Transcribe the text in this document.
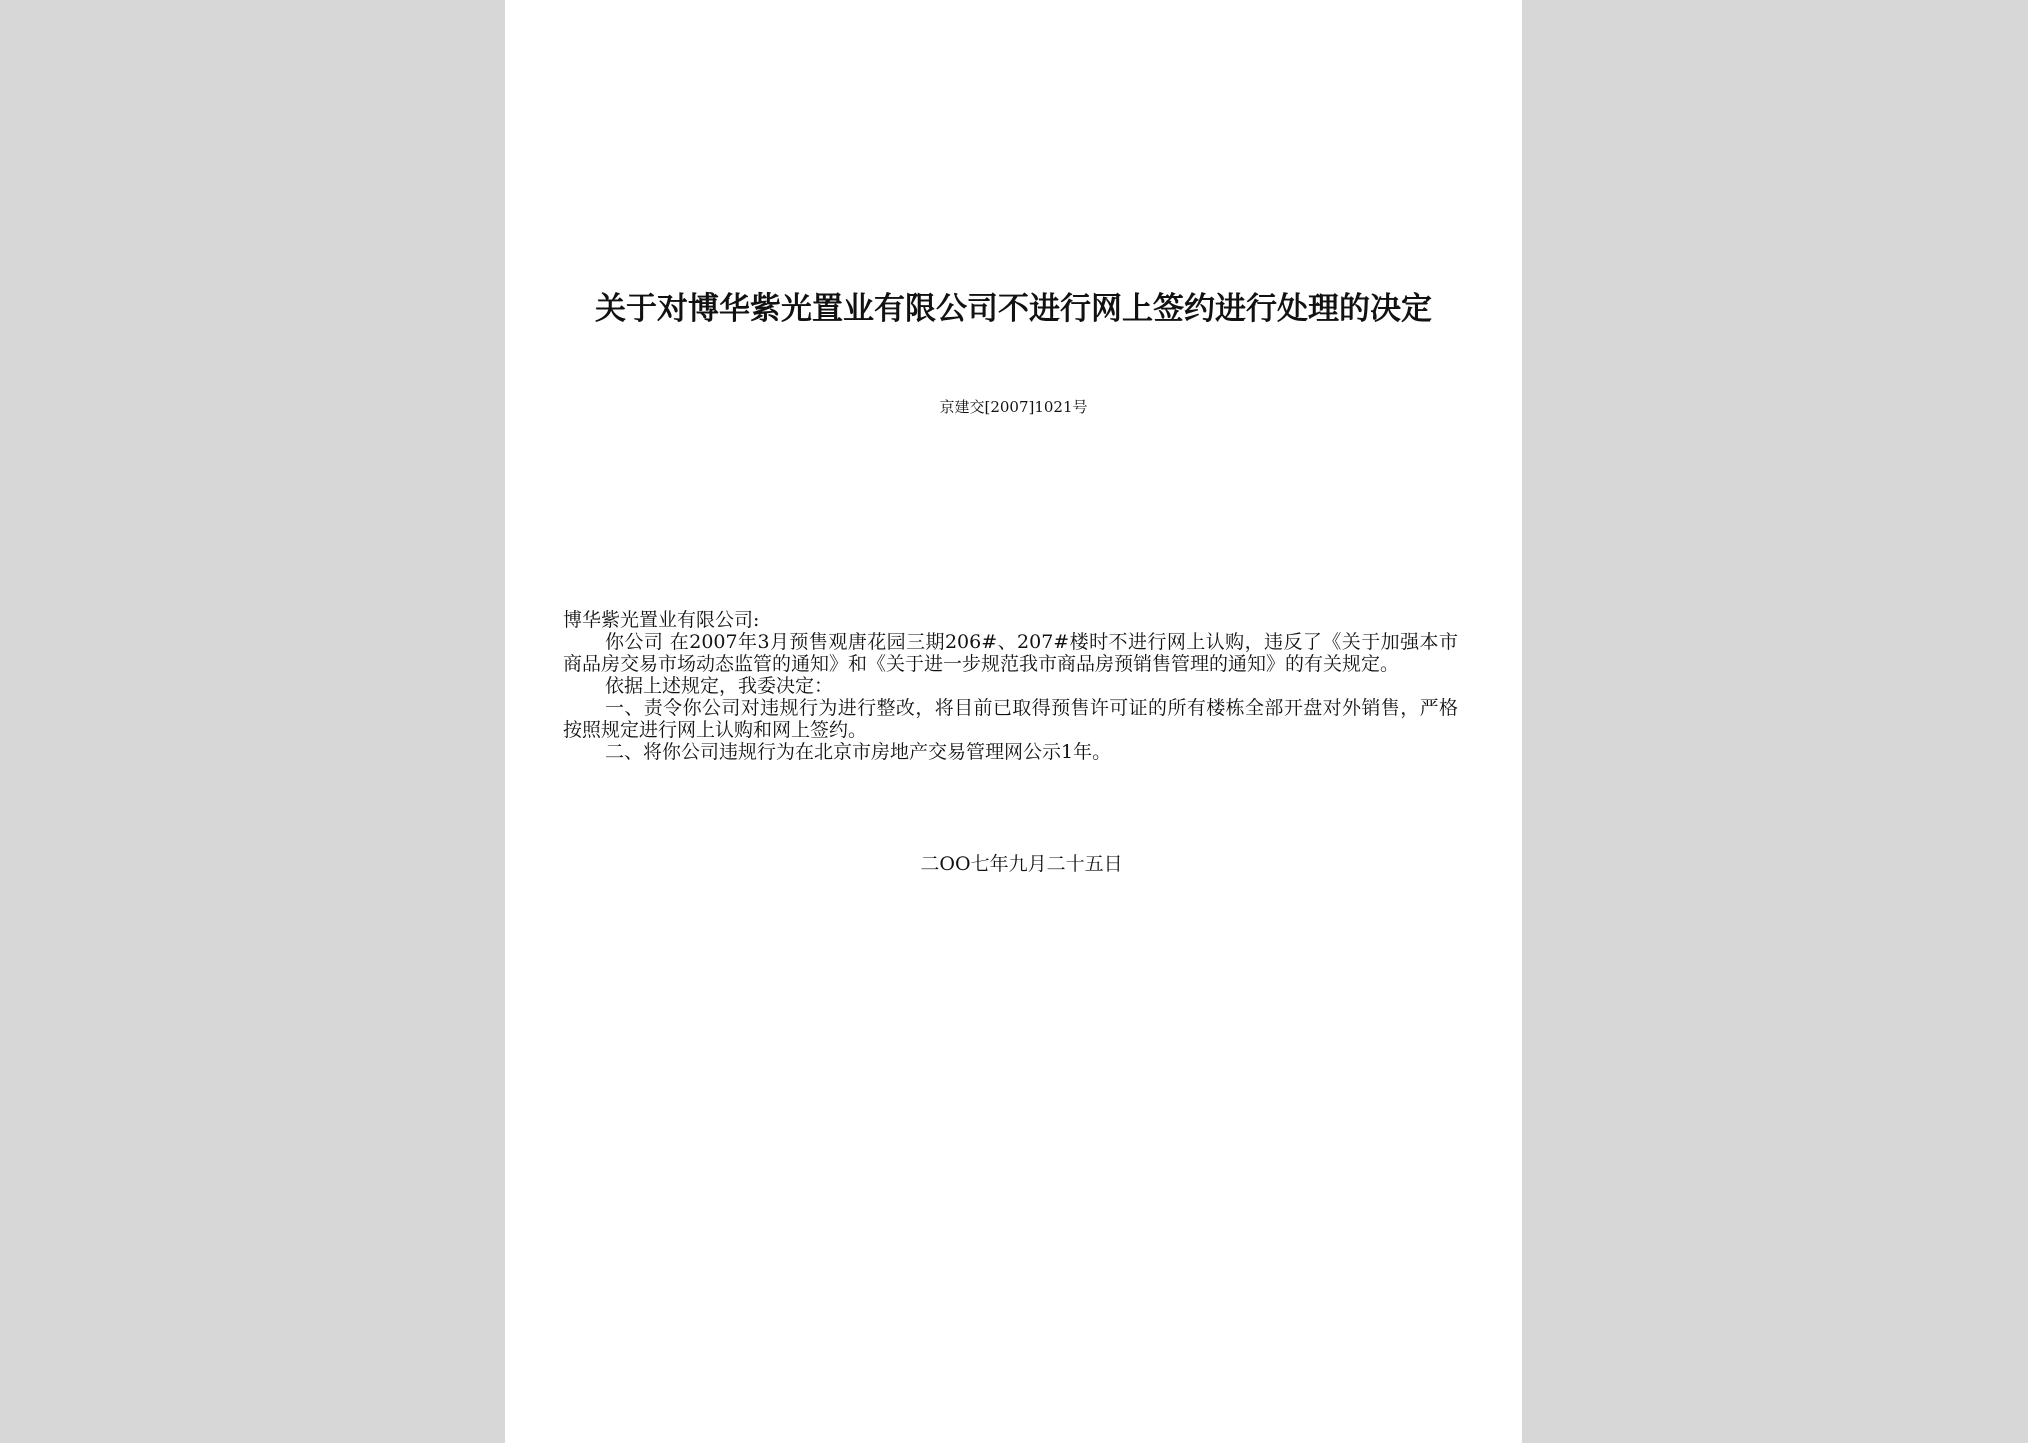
关于对博华紫光置业有限公司不进行网上签约进行处理的决定
京建交[2007]1021号

博华紫光置业有限公司:

你公司 在2007年3月预售观唐花园三期206#、207#楼时不进行网上认购，违反了《关于加强本市商品房交易市场动态监管的通知》和《关于进一步规范我市商品房预销售管理的通知》的有关规定。

依据上述规定，我委决定：

一、责令你公司对违规行为进行整改，将目前已取得预售许可证的所有楼栋全部开盘对外销售，严格按照规定进行网上认购和网上签约。

二、将你公司违规行为在北京市房地产交易管理网公示1年。

二OO七年九月二十五日
